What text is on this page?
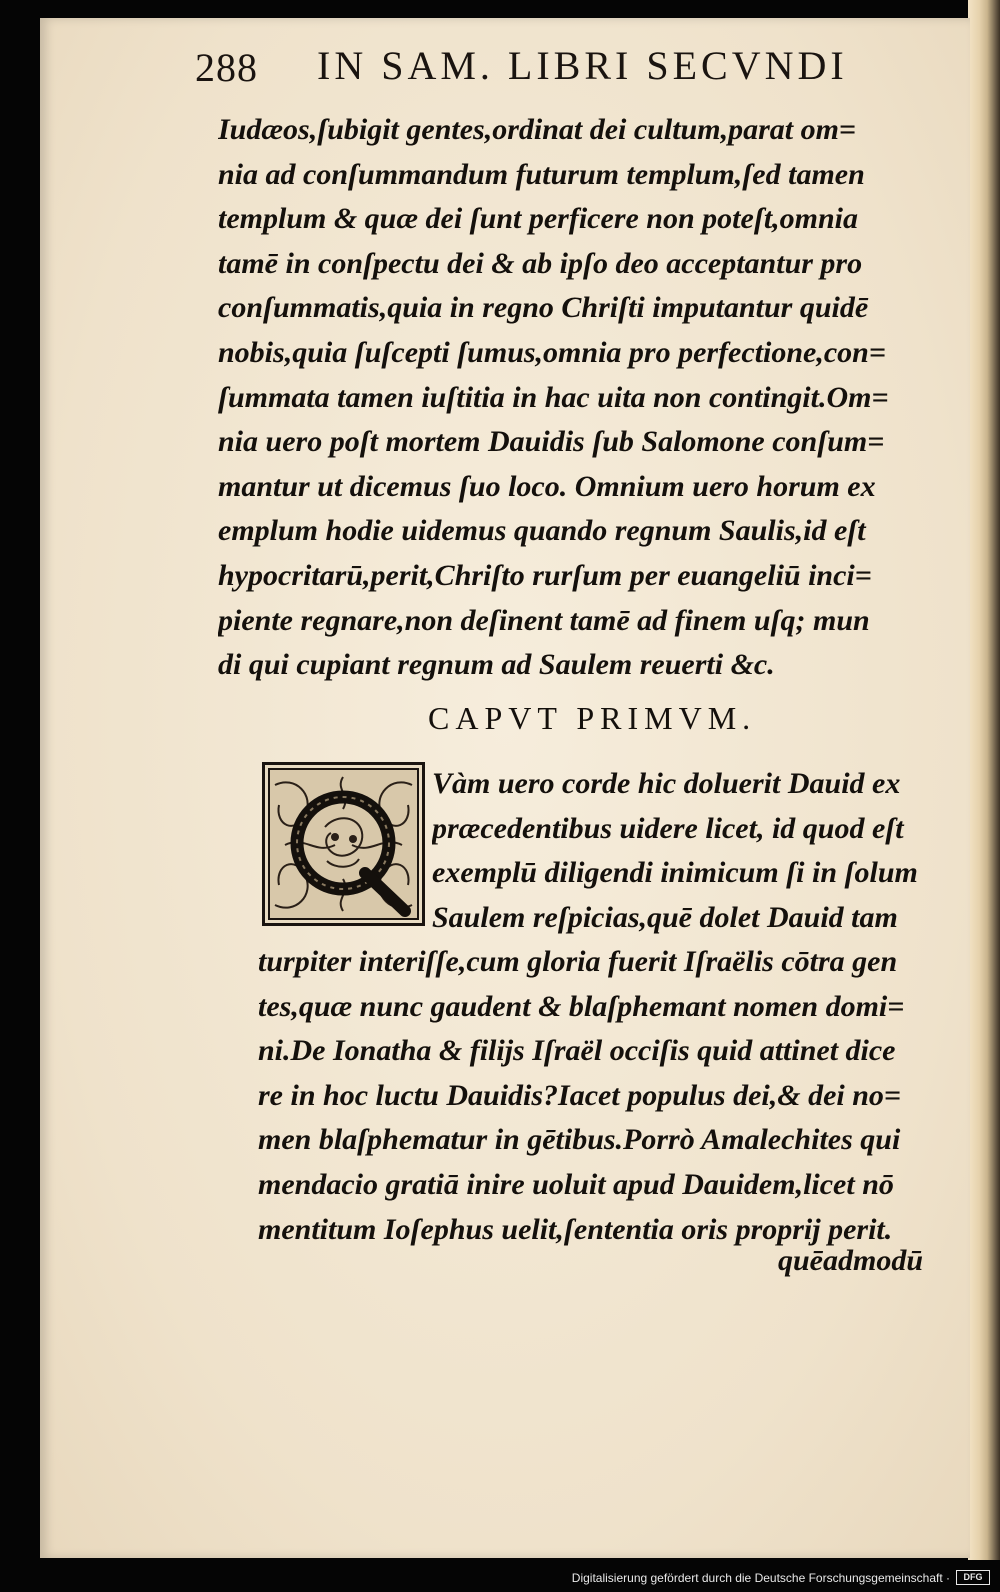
288 IN SAM. LIBRI SECVNDI
Iudæos,ſubigit gentes,ordinat dei cultum,parat om=
nia ad conſummandum futurum templum,ſed tamen
templum & quæ dei ſunt perficere non poteſt,omnia
tamē in conſpectu dei & ab ipſo deo acceptantur pro
conſummatis,quia in regno Chriſti imputantur quidē
nobis,quia ſuſcepti ſumus,omnia pro perfectione,con=
ſummata tamen iuſtitia in hac uita non contingit.Om=
nia uero poſt mortem Dauidis ſub Salomone conſum=
mantur ut dicemus ſuo loco. Omnium uero horum ex
emplum hodie uidemus quando regnum Saulis,id eſt
hypocritarū,perit,Chriſto rurſum per euangeliū inci=
piente regnare,non deſinent tamē ad finem uſq; mun
di qui cupiant regnum ad Saulem reuerti &c.
CAPVT PRIMVM.
Vàm uero corde hic doluerit Dauid ex
præcedentibus uidere licet, id quod eſt
exemplū diligendi inimicum ſi in ſolum
Saulem reſpicias,quē dolet Dauid tam
turpiter interiſſe,cum gloria fuerit Iſraëlis cōtra gen
tes,quæ nunc gaudent & blaſphemant nomen domi=
ni.De Ionatha & filijs Iſraël occiſis quid attinet dice
re in hoc luctu Dauidis?Iacet populus dei,& dei no=
men blaſphematur in gētibus.Porrò Amalechites qui
mendacio gratiā inire uoluit apud Dauidem,licet nō
mentitum Ioſephus uelit,ſententia oris proprij perit.
quēadmodū
Digitalisierung gefördert durch die Deutsche Forschungsgemeinschaft ·	DFG
